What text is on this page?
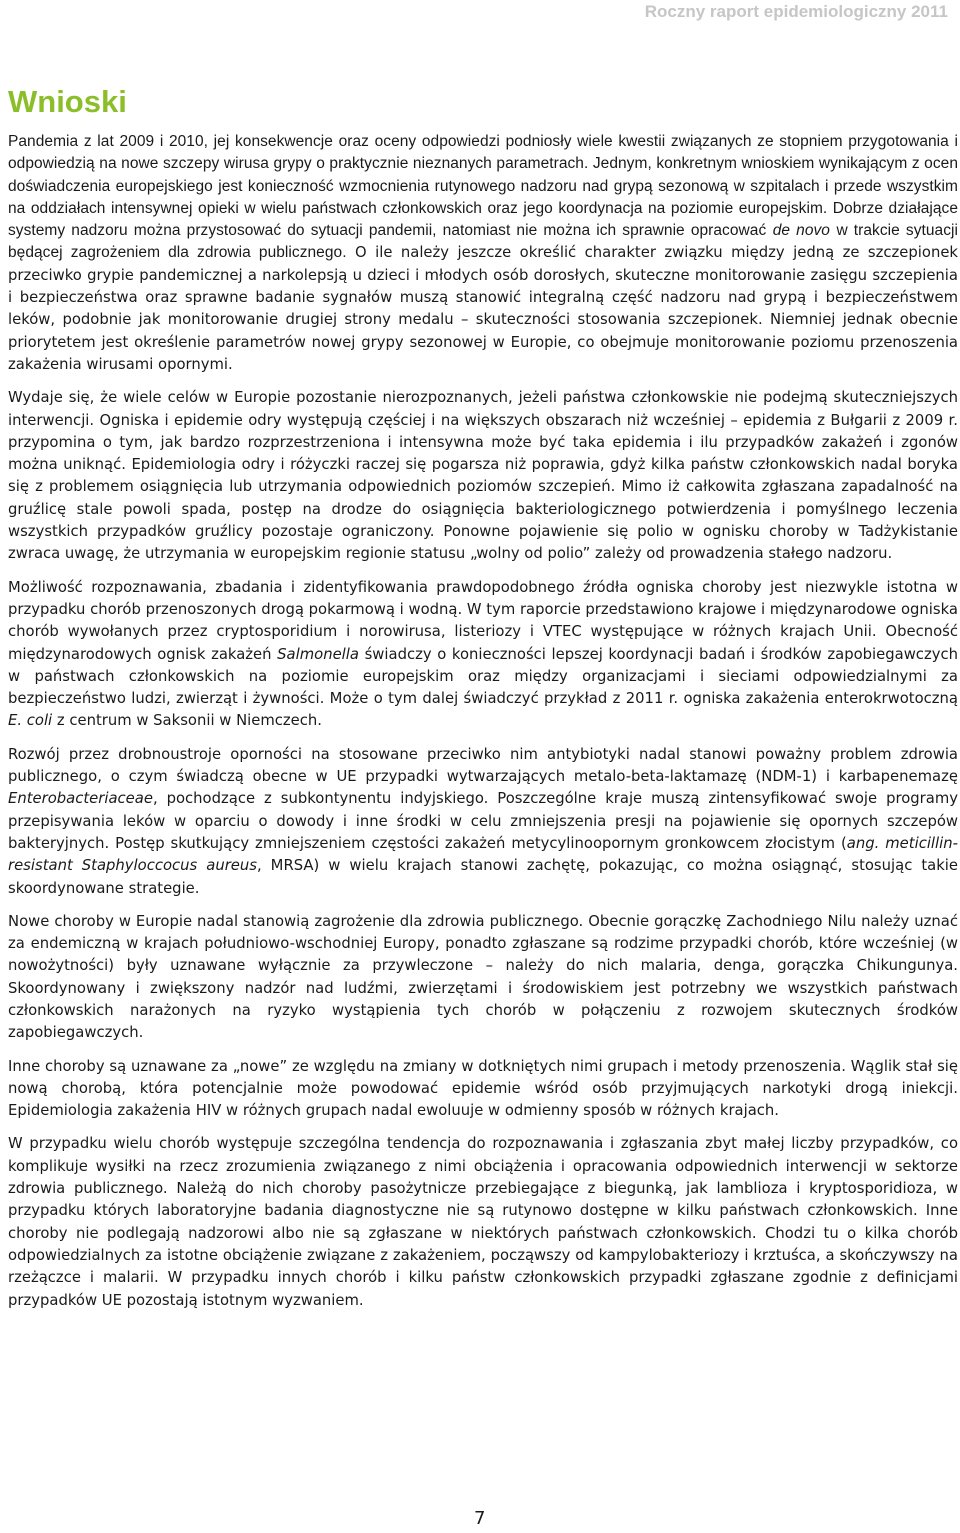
Roczny raport epidemiologiczny 2011
Wnioski

Pandemia z lat 2009 i 2010, jej konsekwencje oraz oceny odpowiedzi podniosły wiele kwestii związanych ze stopniem przygotowania i odpowiedzią na nowe szczepy wirusa grypy o praktycznie nieznanych parametrach. Jednym, konkretnym wnioskiem wynikającym z ocen doświadczenia europejskiego jest konieczność wzmocnienia rutynowego nadzoru nad grypą sezonową w szpitalach i przede wszystkim na oddziałach intensywnej opieki w wielu państwach członkowskich oraz jego koordynacja na poziomie europejskim. Dobrze działające systemy nadzoru można przystosować do sytuacji pandemii, natomiast nie można ich sprawnie opracować de novo w trakcie sytuacji będącej zagrożeniem dla zdrowia publicznego. O ile należy jeszcze określić charakter związku między jedną ze szczepionek przeciwko grypie pandemicznej a narkolepsją u dzieci i młodych osób dorosłych, skuteczne monitorowanie zasięgu szczepienia i bezpieczeństwa oraz sprawne badanie sygnałów muszą stanowić integralną część nadzoru nad grypą i bezpieczeństwem leków, podobnie jak monitorowanie drugiej strony medalu – skuteczności stosowania szczepionek. Niemniej jednak obecnie priorytetem jest określenie parametrów nowej grypy sezonowej w Europie, co obejmuje monitorowanie poziomu przenoszenia zakażenia wirusami opornymi.

Wydaje się, że wiele celów w Europie pozostanie nierozpoznanych, jeżeli państwa członkowskie nie podejmą skuteczniejszych interwencji. Ogniska i epidemie odry występują częściej i na większych obszarach niż wcześniej – epidemia z Bułgarii z 2009 r. przypomina o tym, jak bardzo rozprzestrzeniona i intensywna może być taka epidemia i ilu przypadków zakażeń i zgonów można uniknąć. Epidemiologia odry i różyczki raczej się pogarsza niż poprawia, gdyż kilka państw członkowskich nadal boryka się z problemem osiągnięcia lub utrzymania odpowiednich poziomów szczepień. Mimo iż całkowita zgłaszana zapadalność na gruźlicę stale powoli spada, postęp na drodze do osiągnięcia bakteriologicznego potwierdzenia i pomyślnego leczenia wszystkich przypadków gruźlicy pozostaje ograniczony. Ponowne pojawienie się polio w ognisku choroby w Tadżykistanie zwraca uwagę, że utrzymania w europejskim regionie statusu „wolny od polio” zależy od prowadzenia stałego nadzoru.

Możliwość rozpoznawania, zbadania i zidentyfikowania prawdopodobnego źródła ogniska choroby jest niezwykle istotna w przypadku chorób przenoszonych drogą pokarmową i wodną. W tym raporcie przedstawiono krajowe i międzynarodowe ogniska chorób wywołanych przez cryptosporidium i norowirusa, listeriozy i VTEC występujące w różnych krajach Unii. Obecność międzynarodowych ognisk zakażeń Salmonella świadczy o konieczności lepszej koordynacji badań i środków zapobiegawczych w państwach członkowskich na poziomie europejskim oraz między organizacjami i sieciami odpowiedzialnymi za bezpieczeństwo ludzi, zwierząt i żywności. Może o tym dalej świadczyć przykład z 2011 r. ogniska zakażenia enterokrwotoczną E. coli z centrum w Saksonii w Niemczech.

Rozwój przez drobnoustroje oporności na stosowane przeciwko nim antybiotyki nadal stanowi poważny problem zdrowia publicznego, o czym świadczą obecne w UE przypadki wytwarzających metalo-beta-laktamazę (NDM-1) i karbapenemazę Enterobacteriaceae, pochodzące z subkontynentu indyjskiego. Poszczególne kraje muszą zintensyfikować swoje programy przepisywania leków w oparciu o dowody i inne środki w celu zmniejszenia presji na pojawienie się opornych szczepów bakteryjnych. Postęp skutkujący zmniejszeniem częstości zakażeń metycylinoopornym gronkowcem złocistym (ang. meticillin-resistant Staphyloccocus aureus, MRSA) w wielu krajach stanowi zachętę, pokazując, co można osiągnąć, stosując takie skoordynowane strategie.

Nowe choroby w Europie nadal stanowią zagrożenie dla zdrowia publicznego. Obecnie gorączkę Zachodniego Nilu należy uznać za endemiczną w krajach południowo-wschodniej Europy, ponadto zgłaszane są rodzime przypadki chorób, które wcześniej (w nowożytności) były uznawane wyłącznie za przywleczone – należy do nich malaria, denga, gorączka Chikungunya. Skoordynowany i zwiększony nadzór nad ludźmi, zwierzętami i środowiskiem jest potrzebny we wszystkich państwach członkowskich narażonych na ryzyko wystąpienia tych chorób w połączeniu z rozwojem skutecznych środków zapobiegawczych.

Inne choroby są uznawane za „nowe” ze względu na zmiany w dotkniętych nimi grupach i metody przenoszenia. Wąglik stał się nową chorobą, która potencjalnie może powodować epidemie wśród osób przyjmujących narkotyki drogą iniekcji. Epidemiologia zakażenia HIV w różnych grupach nadal ewoluuje w odmienny sposób w różnych krajach.

W przypadku wielu chorób występuje szczególna tendencja do rozpoznawania i zgłaszania zbyt małej liczby przypadków, co komplikuje wysiłki na rzecz zrozumienia związanego z nimi obciążenia i opracowania odpowiednich interwencji w sektorze zdrowia publicznego. Należą do nich choroby pasożytnicze przebiegające z biegunką, jak lamblioza i kryptosporidioza, w przypadku których laboratoryjne badania diagnostyczne nie są rutynowo dostępne w kilku państwach członkowskich. Inne choroby nie podlegają nadzorowi albo nie są zgłaszane w niektórych państwach członkowskich. Chodzi tu o kilka chorób odpowiedzialnych za istotne obciążenie związane z zakażeniem, począwszy od kampylobakteriozy i krztuśca, a skończywszy na rzeżączce i malarii. W przypadku innych chorób i kilku państw członkowskich przypadki zgłaszane zgodnie z definicjami przypadków UE pozostają istotnym wyzwaniem.

7
